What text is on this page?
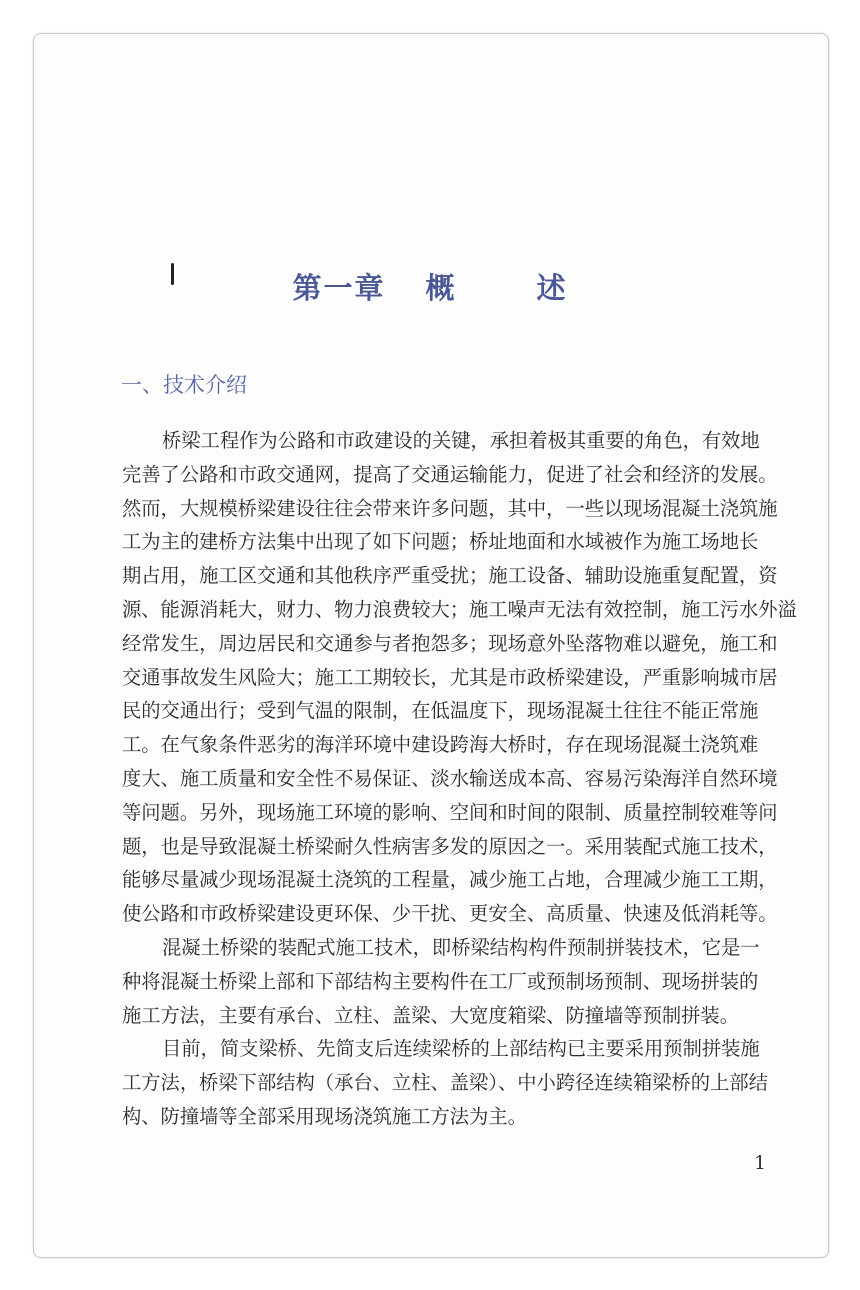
第一章 概	述
一、技术介绍
桥梁工程作为公路和市政建设的关键，承担着极其重要的角色，有效地
完善了公路和市政交通网，提高了交通运输能力，促进了社会和经济的发展。
然而，大规模桥梁建设往往会带来许多问题，其中，一些以现场混凝土浇筑施
工为主的建桥方法集中出现了如下问题；桥址地面和水域被作为施工场地长
期占用，施工区交通和其他秩序严重受扰；施工设备、辅助设施重复配置，资
源、能源消耗大，财力、物力浪费较大；施工噪声无法有效控制，施工污水外溢
经常发生，周边居民和交通参与者抱怨多；现场意外坠落物难以避免，施工和
交通事故发生风险大；施工工期较长，尤其是市政桥梁建设，严重影响城市居
民的交通出行；受到气温的限制，在低温度下，现场混凝土往往不能正常施
工。在气象条件恶劣的海洋环境中建设跨海大桥时，存在现场混凝土浇筑难
度大、施工质量和安全性不易保证、淡水输送成本高、容易污染海洋自然环境
等问题。另外，现场施工环境的影响、空间和时间的限制、质量控制较难等问
题，也是导致混凝土桥梁耐久性病害多发的原因之一。采用装配式施工技术，
能够尽量减少现场混凝土浇筑的工程量，减少施工占地，合理减少施工工期，
使公路和市政桥梁建设更环保、少干扰、更安全、高质量、快速及低消耗等。
混凝土桥梁的装配式施工技术，即桥梁结构构件预制拼装技术，它是一
种将混凝土桥梁上部和下部结构主要构件在工厂或预制场预制、现场拼装的
施工方法，主要有承台、立柱、盖梁、大宽度箱梁、防撞墙等预制拼装。
目前，简支梁桥、先简支后连续梁桥的上部结构已主要采用预制拼装施
工方法，桥梁下部结构（承台、立柱、盖梁）、中小跨径连续箱梁桥的上部结
构、防撞墙等全部采用现场浇筑施工方法为主。
1
